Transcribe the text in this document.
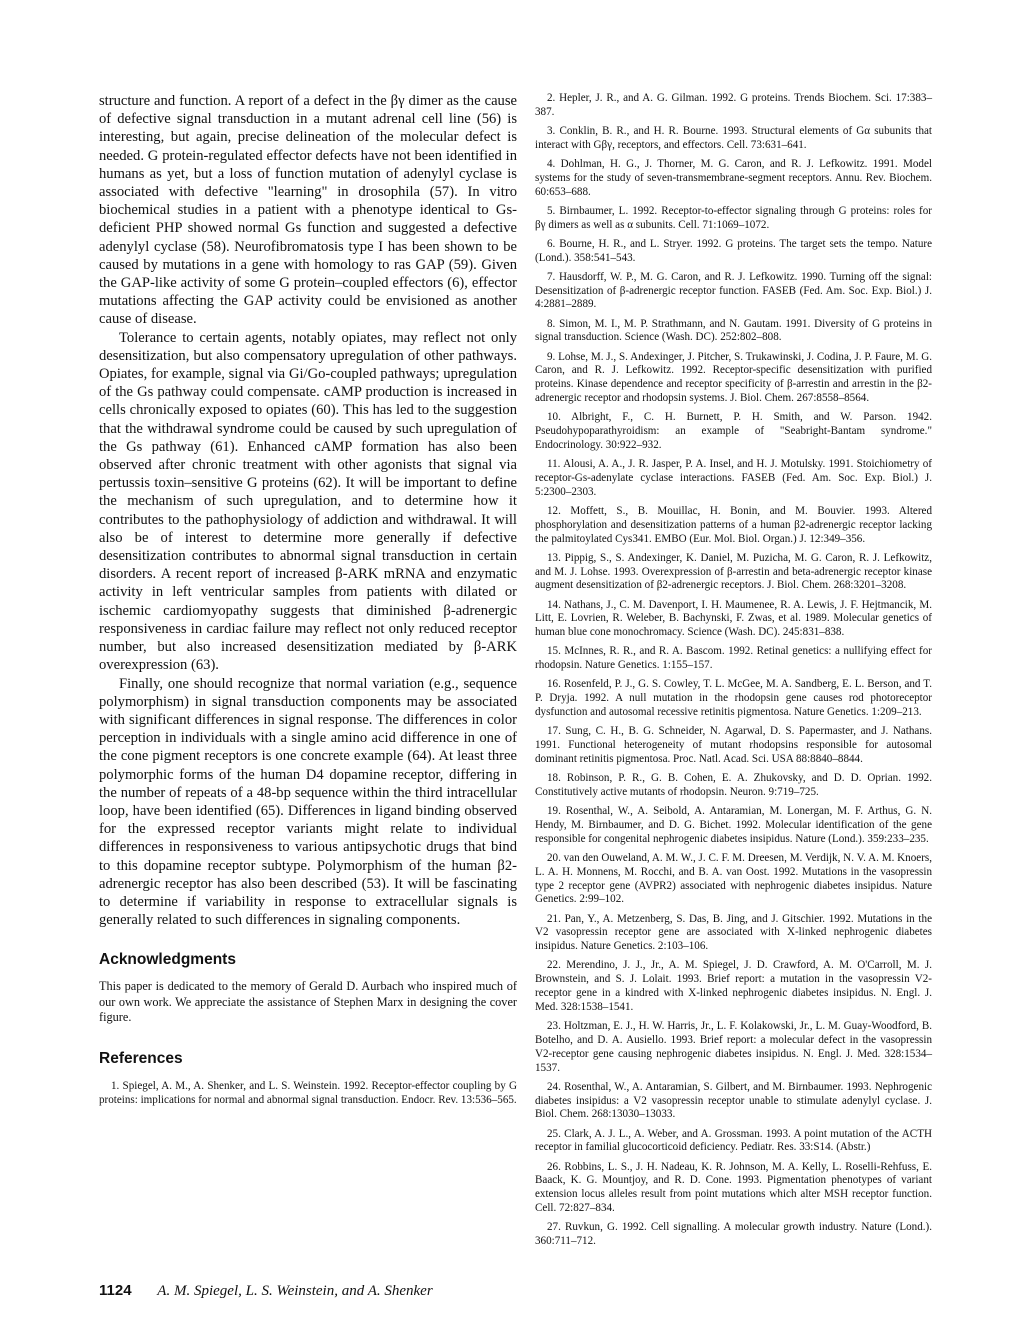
structure and function. A report of a defect in the βγ dimer as the cause of defective signal transduction in a mutant adrenal cell line (56) is interesting, but again, precise delineation of the molecular defect is needed. G protein-regulated effector defects have not been identified in humans as yet, but a loss of function mutation of adenylyl cyclase is associated with defective "learning" in drosophila (57). In vitro biochemical studies in a patient with a phenotype identical to Gs-deficient PHP showed normal Gs function and suggested a defective adenylyl cyclase (58). Neurofibromatosis type I has been shown to be caused by mutations in a gene with homology to ras GAP (59). Given the GAP-like activity of some G protein–coupled effectors (6), effector mutations affecting the GAP activity could be envisioned as another cause of disease.

Tolerance to certain agents, notably opiates, may reflect not only desensitization, but also compensatory upregulation of other pathways. Opiates, for example, signal via Gi/Go-coupled pathways; upregulation of the Gs pathway could compensate. cAMP production is increased in cells chronically exposed to opiates (60). This has led to the suggestion that the withdrawal syndrome could be caused by such upregulation of the Gs pathway (61). Enhanced cAMP formation has also been observed after chronic treatment with other agonists that signal via pertussis toxin–sensitive G proteins (62). It will be important to define the mechanism of such upregulation, and to determine how it contributes to the pathophysiology of addiction and withdrawal. It will also be of interest to determine more generally if defective desensitization contributes to abnormal signal transduction in certain disorders. A recent report of increased β-ARK mRNA and enzymatic activity in left ventricular samples from patients with dilated or ischemic cardiomyopathy suggests that diminished β-adrenergic responsiveness in cardiac failure may reflect not only reduced receptor number, but also increased desensitization mediated by β-ARK overexpression (63).

Finally, one should recognize that normal variation (e.g., sequence polymorphism) in signal transduction components may be associated with significant differences in signal response. The differences in color perception in individuals with a single amino acid difference in one of the cone pigment receptors is one concrete example (64). At least three polymorphic forms of the human D4 dopamine receptor, differing in the number of repeats of a 48-bp sequence within the third intracellular loop, have been identified (65). Differences in ligand binding observed for the expressed receptor variants might relate to individual differences in responsiveness to various antipsychotic drugs that bind to this dopamine receptor subtype. Polymorphism of the human β2-adrenergic receptor has also been described (53). It will be fascinating to determine if variability in response to extracellular signals is generally related to such differences in signaling components.

Acknowledgments

This paper is dedicated to the memory of Gerald D. Aurbach who inspired much of our own work. We appreciate the assistance of Stephen Marx in designing the cover figure.

References
1. Spiegel, A. M., A. Shenker, and L. S. Weinstein. 1992. Receptor-effector coupling by G proteins: implications for normal and abnormal signal transduction. Endocr. Rev. 13:536–565.
2. Hepler, J. R., and A. G. Gilman. 1992. G proteins. Trends Biochem. Sci. 17:383–387.
3. Conklin, B. R., and H. R. Bourne. 1993. Structural elements of Gα subunits that interact with Gβγ, receptors, and effectors. Cell. 73:631–641.
4. Dohlman, H. G., J. Thorner, M. G. Caron, and R. J. Lefkowitz. 1991. Model systems for the study of seven-transmembrane-segment receptors. Annu. Rev. Biochem. 60:653–688.
5. Birnbaumer, L. 1992. Receptor-to-effector signaling through G proteins: roles for βγ dimers as well as α subunits. Cell. 71:1069–1072.
6. Bourne, H. R., and L. Stryer. 1992. G proteins. The target sets the tempo. Nature (Lond.). 358:541–543.
7. Hausdorff, W. P., M. G. Caron, and R. J. Lefkowitz. 1990. Turning off the signal: Desensitization of β-adrenergic receptor function. FASEB (Fed. Am. Soc. Exp. Biol.) J. 4:2881–2889.
8. Simon, M. I., M. P. Strathmann, and N. Gautam. 1991. Diversity of G proteins in signal transduction. Science (Wash. DC). 252:802–808.
9. Lohse, M. J., S. Andexinger, J. Pitcher, S. Trukawinski, J. Codina, J. P. Faure, M. G. Caron, and R. J. Lefkowitz. 1992. Receptor-specific desensitization with purified proteins. Kinase dependence and receptor specificity of β-arrestin and arrestin in the β2-adrenergic receptor and rhodopsin systems. J. Biol. Chem. 267:8558–8564.
10. Albright, F., C. H. Burnett, P. H. Smith, and W. Parson. 1942. Pseudohypoparathyroidism: an example of "Seabright-Bantam syndrome." Endocrinology. 30:922–932.
11. Alousi, A. A., J. R. Jasper, P. A. Insel, and H. J. Motulsky. 1991. Stoichiometry of receptor-Gs-adenylate cyclase interactions. FASEB (Fed. Am. Soc. Exp. Biol.) J. 5:2300–2303.
12. Moffett, S., B. Mouillac, H. Bonin, and M. Bouvier. 1993. Altered phosphorylation and desensitization patterns of a human β2-adrenergic receptor lacking the palmitoylated Cys341. EMBO (Eur. Mol. Biol. Organ.) J. 12:349–356.
13. Pippig, S., S. Andexinger, K. Daniel, M. Puzicha, M. G. Caron, R. J. Lefkowitz, and M. J. Lohse. 1993. Overexpression of β-arrestin and beta-adrenergic receptor kinase augment desensitization of β2-adrenergic receptors. J. Biol. Chem. 268:3201–3208.
14. Nathans, J., C. M. Davenport, I. H. Maumenee, R. A. Lewis, J. F. Hejtmancik, M. Litt, E. Lovrien, R. Weleber, B. Bachynski, F. Zwas, et al. 1989. Molecular genetics of human blue cone monochromacy. Science (Wash. DC). 245:831–838.
15. McInnes, R. R., and R. A. Bascom. 1992. Retinal genetics: a nullifying effect for rhodopsin. Nature Genetics. 1:155–157.
16. Rosenfeld, P. J., G. S. Cowley, T. L. McGee, M. A. Sandberg, E. L. Berson, and T. P. Dryja. 1992. A null mutation in the rhodopsin gene causes rod photoreceptor dysfunction and autosomal recessive retinitis pigmentosa. Nature Genetics. 1:209–213.
17. Sung, C. H., B. G. Schneider, N. Agarwal, D. S. Papermaster, and J. Nathans. 1991. Functional heterogeneity of mutant rhodopsins responsible for autosomal dominant retinitis pigmentosa. Proc. Natl. Acad. Sci. USA 88:8840–8844.
18. Robinson, P. R., G. B. Cohen, E. A. Zhukovsky, and D. D. Oprian. 1992. Constitutively active mutants of rhodopsin. Neuron. 9:719–725.
19. Rosenthal, W., A. Seibold, A. Antaramian, M. Lonergan, M. F. Arthus, G. N. Hendy, M. Birnbaumer, and D. G. Bichet. 1992. Molecular identification of the gene responsible for congenital nephrogenic diabetes insipidus. Nature (Lond.). 359:233–235.
20. van den Ouweland, A. M. W., J. C. F. M. Dreesen, M. Verdijk, N. V. A. M. Knoers, L. A. H. Monnens, M. Rocchi, and B. A. van Oost. 1992. Mutations in the vasopressin type 2 receptor gene (AVPR2) associated with nephrogenic diabetes insipidus. Nature Genetics. 2:99–102.
21. Pan, Y., A. Metzenberg, S. Das, B. Jing, and J. Gitschier. 1992. Mutations in the V2 vasopressin receptor gene are associated with X-linked nephrogenic diabetes insipidus. Nature Genetics. 2:103–106.
22. Merendino, J. J., Jr., A. M. Spiegel, J. D. Crawford, A. M. O'Carroll, M. J. Brownstein, and S. J. Lolait. 1993. Brief report: a mutation in the vasopressin V2-receptor gene in a kindred with X-linked nephrogenic diabetes insipidus. N. Engl. J. Med. 328:1538–1541.
23. Holtzman, E. J., H. W. Harris, Jr., L. F. Kolakowski, Jr., L. M. Guay-Woodford, B. Botelho, and D. A. Ausiello. 1993. Brief report: a molecular defect in the vasopressin V2-receptor gene causing nephrogenic diabetes insipidus. N. Engl. J. Med. 328:1534–1537.
24. Rosenthal, W., A. Antaramian, S. Gilbert, and M. Birnbaumer. 1993. Nephrogenic diabetes insipidus: a V2 vasopressin receptor unable to stimulate adenylyl cyclase. J. Biol. Chem. 268:13030–13033.
25. Clark, A. J. L., A. Weber, and A. Grossman. 1993. A point mutation of the ACTH receptor in familial glucocorticoid deficiency. Pediatr. Res. 33:S14. (Abstr.)
26. Robbins, L. S., J. H. Nadeau, K. R. Johnson, M. A. Kelly, L. Roselli-Rehfuss, E. Baack, K. G. Mountjoy, and R. D. Cone. 1993. Pigmentation phenotypes of variant extension locus alleles result from point mutations which alter MSH receptor function. Cell. 72:827–834.
27. Ruvkun, G. 1992. Cell signalling. A molecular growth industry. Nature (Lond.). 360:711–712.
1124 A. M. Spiegel, L. S. Weinstein, and A. Shenker
